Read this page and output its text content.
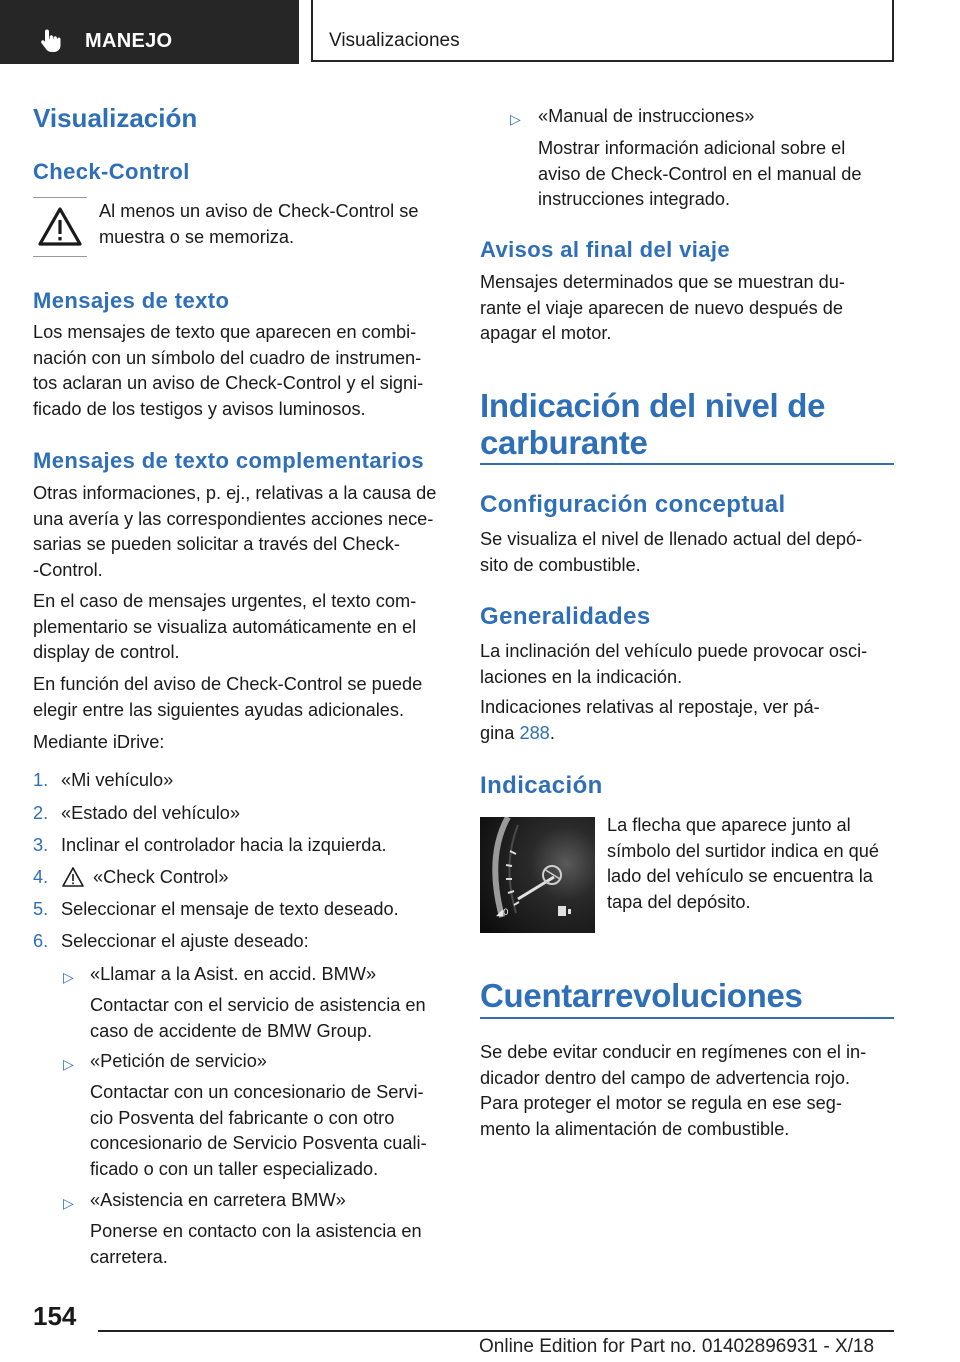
MANEJO	Visualizaciones
Visualización
Check-Control
Al menos un aviso de Check-Control se
muestra o se memoriza.
Mensajes de texto
Los mensajes de texto que aparecen en combi-
nación con un símbolo del cuadro de instrumen-
tos aclaran un aviso de Check-Control y el signi-
ficado de los testigos y avisos luminosos.
Mensajes de texto complementarios
Otras informaciones, p. ej., relativas a la causa de
una avería y las correspondientes acciones nece-
sarias se pueden solicitar a través del Check-
-Control.
En el caso de mensajes urgentes, el texto com-
plementario se visualiza automáticamente en el
display de control.
En función del aviso de Check-Control se puede
elegir entre las siguientes ayudas adicionales.
Mediante iDrive:
1. «Mi vehículo»
2. «Estado del vehículo»
3. Inclinar el controlador hacia la izquierda.
4. «Check Control»
5. Seleccionar el mensaje de texto deseado.
6. Seleccionar el ajuste deseado:
▷ «Llamar a la Asist. en accid. BMW»
Contactar con el servicio de asistencia en
caso de accidente de BMW Group.
▷ «Petición de servicio»
Contactar con un concesionario de Servi-
cio Posventa del fabricante o con otro
concesionario de Servicio Posventa cuali-
ficado o con un taller especializado.
▷ «Asistencia en carretera BMW»
Ponerse en contacto con la asistencia en
carretera.
▷ «Manual de instrucciones»
Mostrar información adicional sobre el
aviso de Check-Control en el manual de
instrucciones integrado.
Avisos al final del viaje
Mensajes determinados que se muestran du-
rante el viaje aparecen de nuevo después de
apagar el motor.
Indicación del nivel de
carburante
Configuración conceptual
Se visualiza el nivel de llenado actual del depó-
sito de combustible.
Generalidades
La inclinación del vehículo puede provocar osci-
laciones en la indicación.
Indicaciones relativas al repostaje, ver pá-
gina 288.
Indicación
◢0
La flecha que aparece junto al
símbolo del surtidor indica en qué
lado del vehículo se encuentra la
tapa del depósito.
Cuentarrevoluciones
Se debe evitar conducir en regímenes con el in-
dicador dentro del campo de advertencia rojo.
Para proteger el motor se regula en ese seg-
mento la alimentación de combustible.
154
Online Edition for Part no. 01402896931 - X/18
